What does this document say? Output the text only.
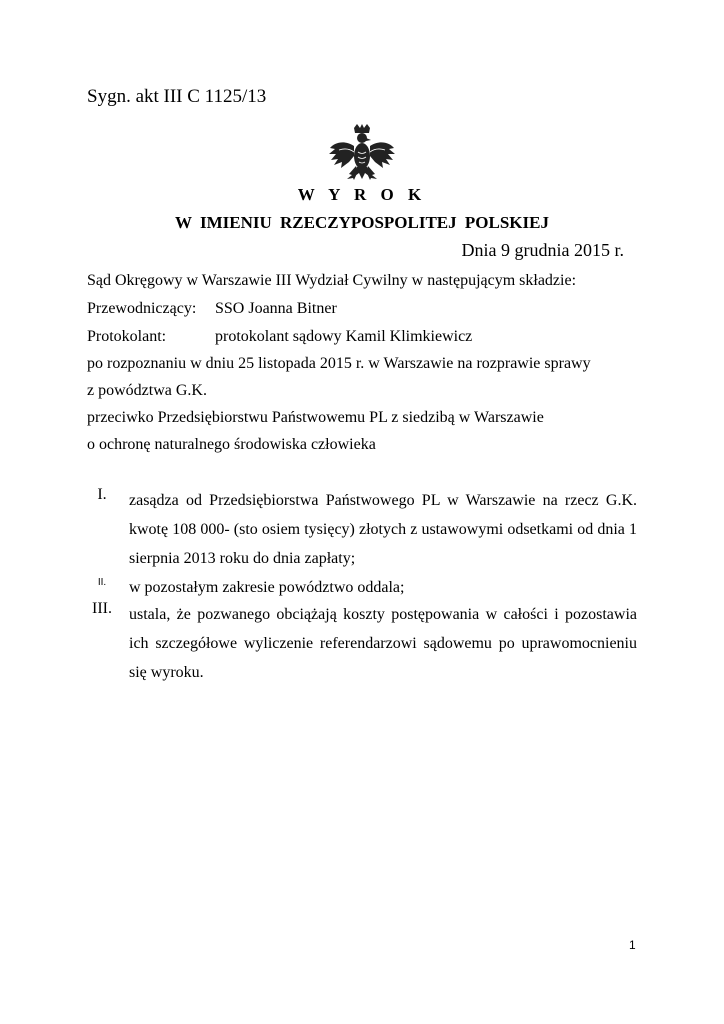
Sygn. akt III C 1125/13
W Y R O K
W IMIENIU RZECZYPOSPOLITEJ POLSKIEJ
Dnia 9 grudnia 2015 r.
Sąd Okręgowy w Warszawie III Wydział Cywilny w następującym składzie:
Przewodniczący: SSO Joanna Bitner
Protokolant:	protokolant sądowy Kamil Klimkiewicz
po rozpoznaniu w dniu 25 listopada 2015 r. w Warszawie na rozprawie sprawy
z powództwa G.K.
przeciwko Przedsiębiorstwu Państwowemu PL z siedzibą w Warszawie
o ochronę naturalnego środowiska człowieka
I.	zasądza od Przedsiębiorstwa Państwowego PL w Warszawie na rzecz G.K. kwotę 108 000- (sto osiem tysięcy) złotych z ustawowymi odsetkami od dnia 1 sierpnia 2013 roku do dnia zapłaty;
II.	w pozostałym zakresie powództwo oddala;
III.	ustala, że pozwanego obciążają koszty postępowania w całości i pozostawia ich szczegółowe wyliczenie referendarzowi sądowemu po uprawomocnieniu się wyroku.
1
